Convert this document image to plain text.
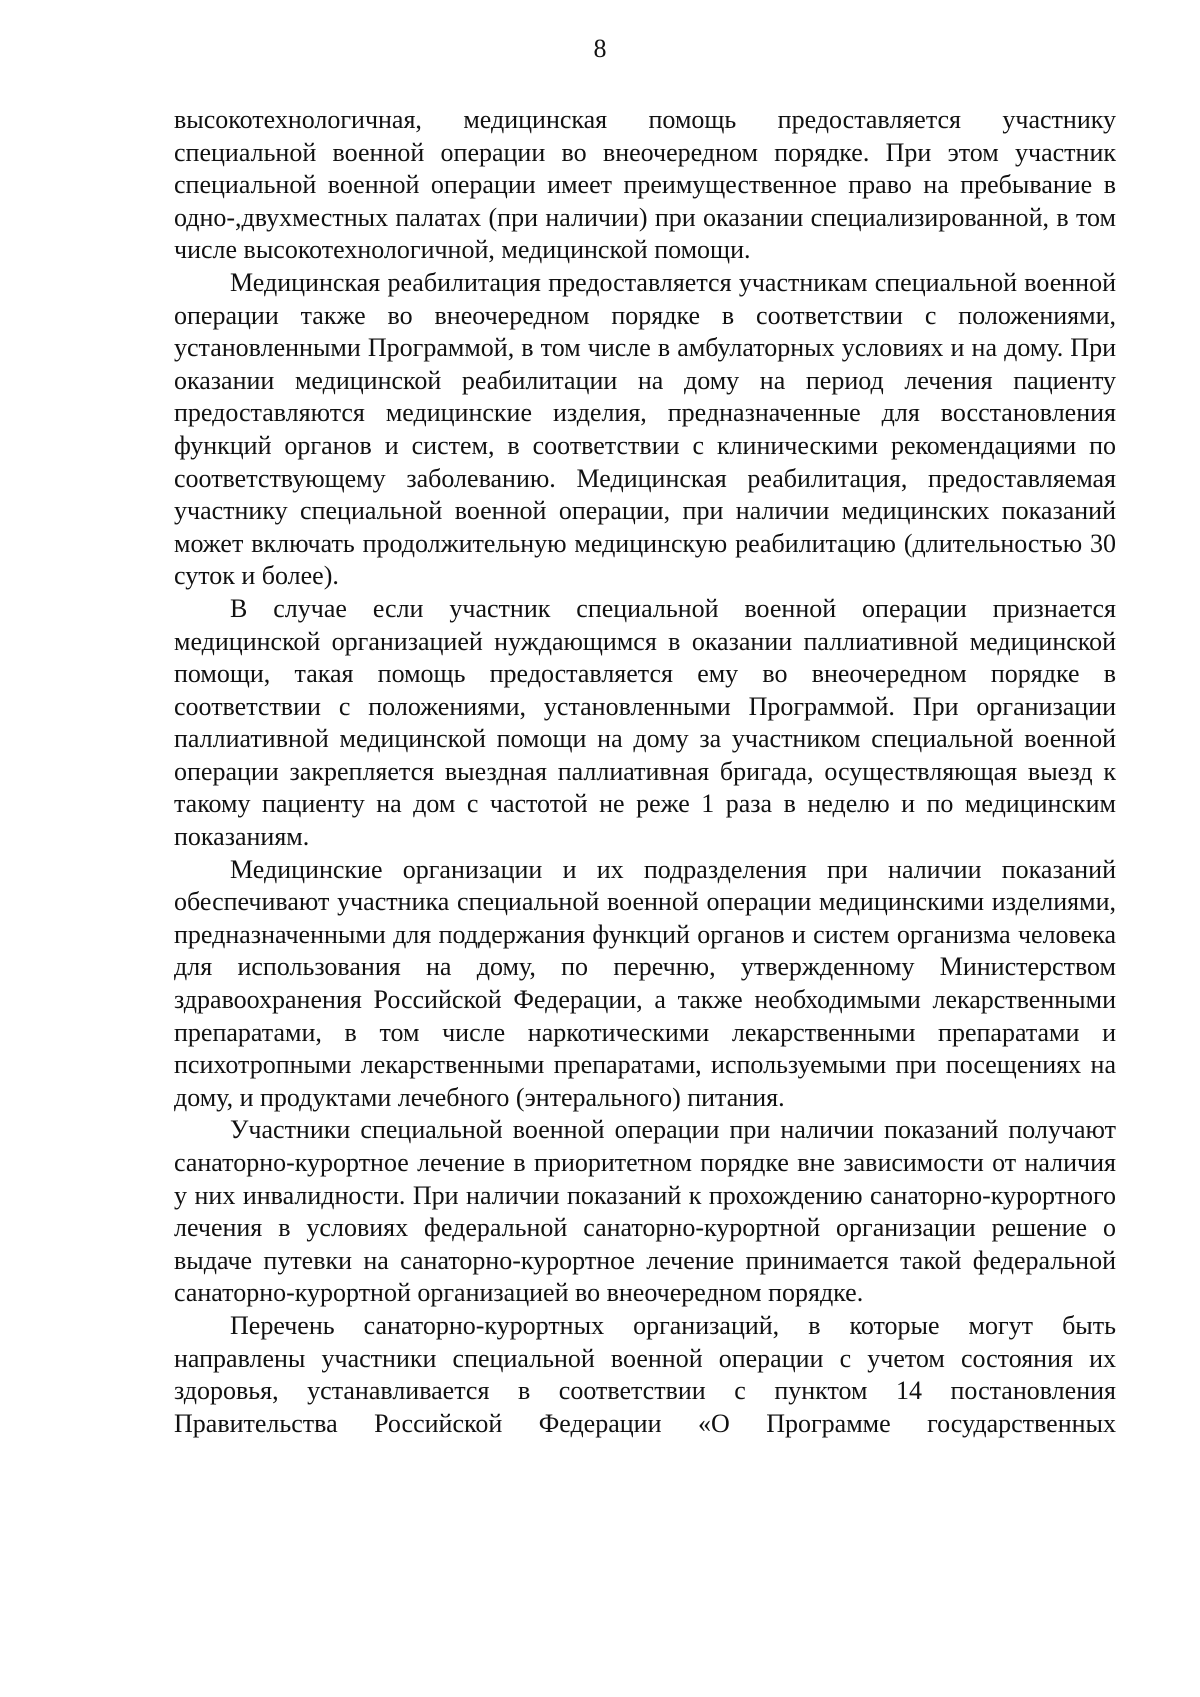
8

высокотехнологичная, медицинская помощь предоставляется участнику специальной военной операции во внеочередном порядке. При этом участник специальной военной операции имеет преимущественное право на пребывание в одно-,двухместных палатах (при наличии) при оказании специализированной, в том числе высокотехнологичной, медицинской помощи.

Медицинская реабилитация предоставляется участникам специальной военной операции также во внеочередном порядке в соответствии с положениями, установленными Программой, в том числе в амбулаторных условиях и на дому. При оказании медицинской реабилитации на дому на период лечения пациенту предоставляются медицинские изделия, предназначенные для восстановления функций органов и систем, в соответствии с клиническими рекомендациями по соответствующему заболеванию. Медицинская реабилитация, предоставляемая участнику специальной военной операции, при наличии медицинских показаний может включать продолжительную медицинскую реабилитацию (длительностью 30 суток и более).

В случае если участник специальной военной операции признается медицинской организацией нуждающимся в оказании паллиативной медицинской помощи, такая помощь предоставляется ему во внеочередном порядке в соответствии с положениями, установленными Программой. При организации паллиативной медицинской помощи на дому за участником специальной военной операции закрепляется выездная паллиативная бригада, осуществляющая выезд к такому пациенту на дом с частотой не реже 1 раза в неделю и по медицинским показаниям.

Медицинские организации и их подразделения при наличии показаний обеспечивают участника специальной военной операции медицинскими изделиями, предназначенными для поддержания функций органов и систем организма человека для использования на дому, по перечню, утвержденному Министерством здравоохранения Российской Федерации, а также необходимыми лекарственными препаратами, в том числе наркотическими лекарственными препаратами и психотропными лекарственными препаратами, используемыми при посещениях на дому, и продуктами лечебного (энтерального) питания.

Участники специальной военной операции при наличии показаний получают санаторно-курортное лечение в приоритетном порядке вне зависимости от наличия у них инвалидности. При наличии показаний к прохождению санаторно-курортного лечения в условиях федеральной санаторно-курортной организации решение о выдаче путевки на санаторно-курортное лечение принимается такой федеральной санаторно-курортной организацией во внеочередном порядке.

Перечень санаторно-курортных организаций, в которые могут быть направлены участники специальной военной операции с учетом состояния их здоровья, устанавливается в соответствии с пунктом 14 постановления Правительства Российской Федерации «О Программе государственных
